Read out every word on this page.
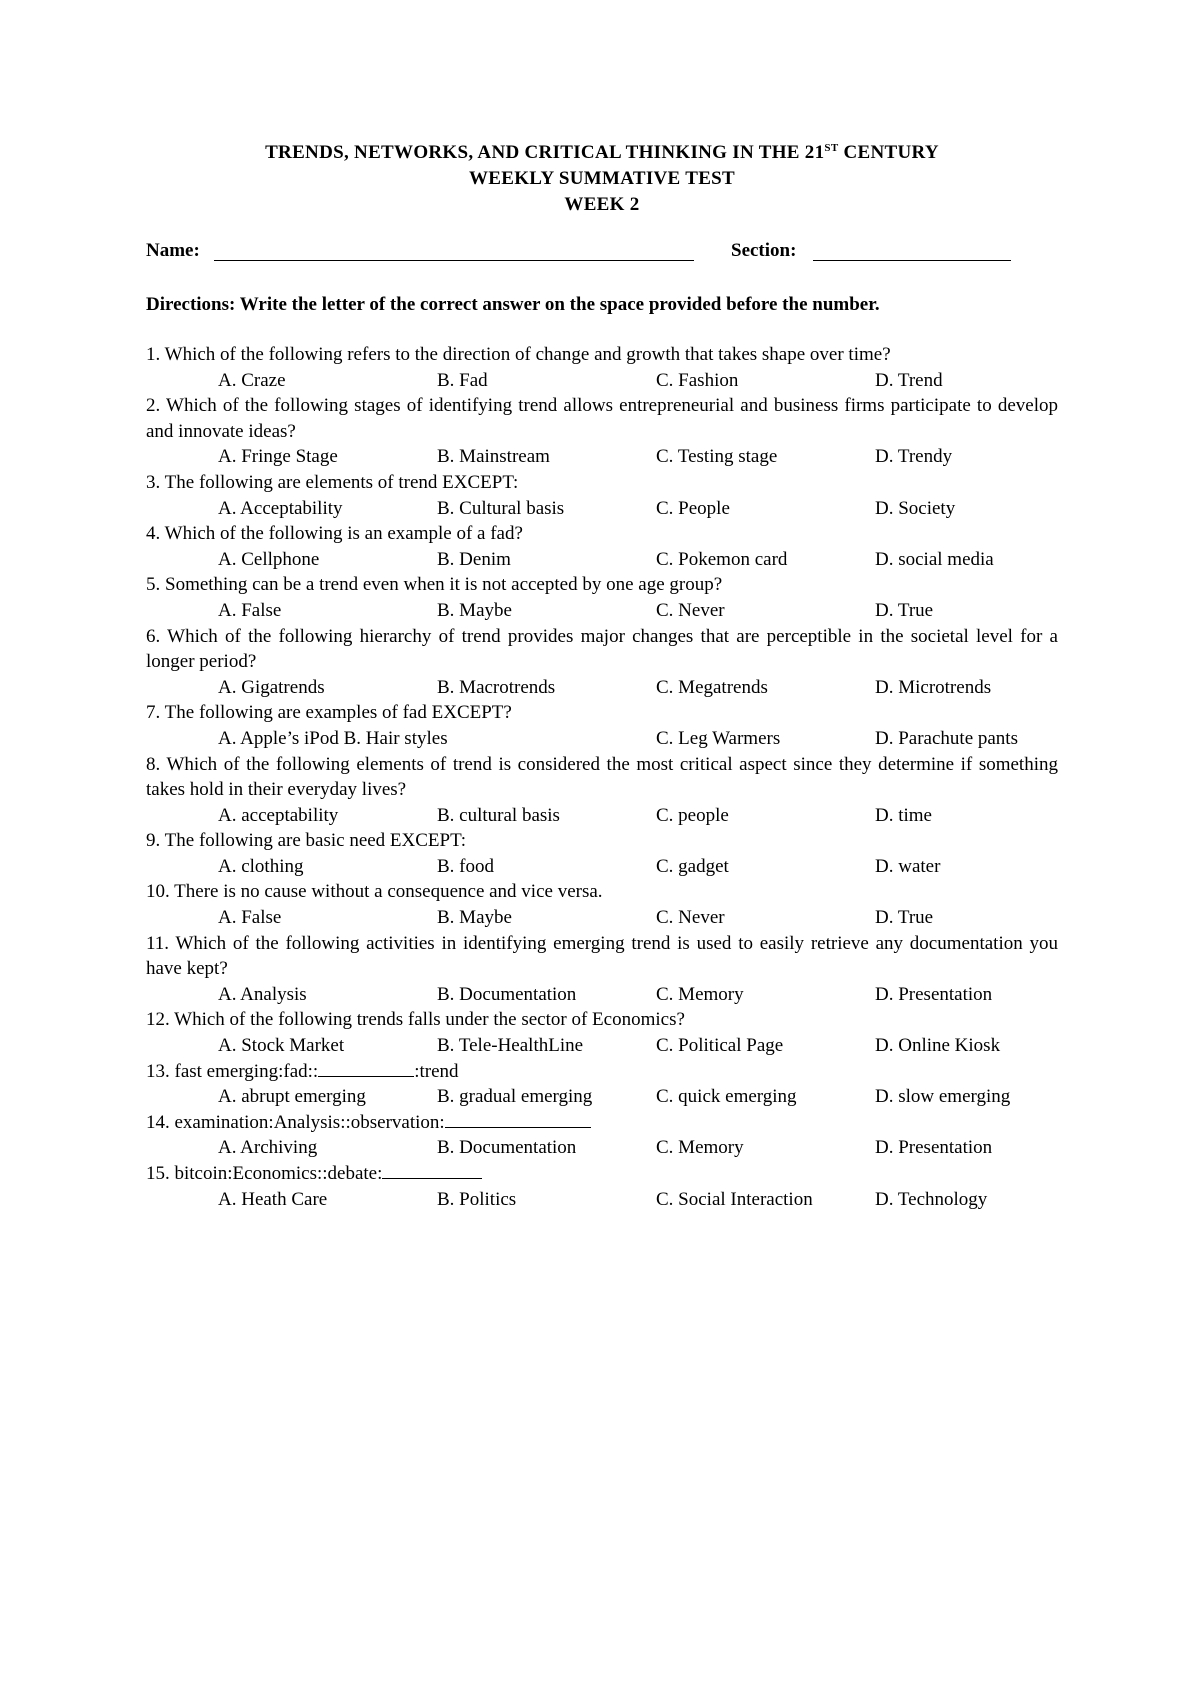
TRENDS, NETWORKS, AND CRITICAL THINKING IN THE 21ST CENTURY
WEEKLY SUMMATIVE TEST
WEEK 2
Name:	Section:
Directions: Write the letter of the correct answer on the space provided before the number.
1. Which of the following refers to the direction of change and growth that takes shape over time?
A. Craze	B. Fad	C. Fashion	D. Trend
2. Which of the following stages of identifying trend allows entrepreneurial and business firms participate to develop and innovate ideas?
A. Fringe Stage	B. Mainstream	C. Testing stage	D. Trendy
3. The following are elements of trend EXCEPT:
A. Acceptability	B. Cultural basis	C. People	D. Society
4. Which of the following is an example of a fad?
A. Cellphone	B. Denim	C. Pokemon card	D. social media
5. Something can be a trend even when it is not accepted by one age group?
A. False	B. Maybe	C. Never	D. True
6. Which of the following hierarchy of trend provides major changes that are perceptible in the societal level for a longer period?
A. Gigatrends	B. Macrotrends	C. Megatrends	D. Microtrends
7. The following are examples of fad EXCEPT?
A. Apple’s iPod B. Hair styles	C. Leg Warmers	D. Parachute pants
8. Which of the following elements of trend is considered the most critical aspect since they determine if something takes hold in their everyday lives?
A. acceptability	B. cultural basis	C. people	D. time
9. The following are basic need EXCEPT:
A. clothing	B. food	C. gadget	D. water
10. There is no cause without a consequence and vice versa.
A. False	B. Maybe	C. Never	D. True
11. Which of the following activities in identifying emerging trend is used to easily retrieve any documentation you have kept?
A. Analysis	B. Documentation	C. Memory	D. Presentation
12. Which of the following trends falls under the sector of Economics?
A. Stock Market	B. Tele-HealthLine	C. Political Page	D. Online Kiosk
13. fast emerging:fad::	:trend
A. abrupt emerging	B. gradual emerging	C. quick emerging	D. slow emerging
14. examination:Analysis::observation:
A. Archiving	B. Documentation	C. Memory	D. Presentation
15. bitcoin:Economics::debate:
A. Heath Care	B. Politics	C. Social Interaction	D. Technology
